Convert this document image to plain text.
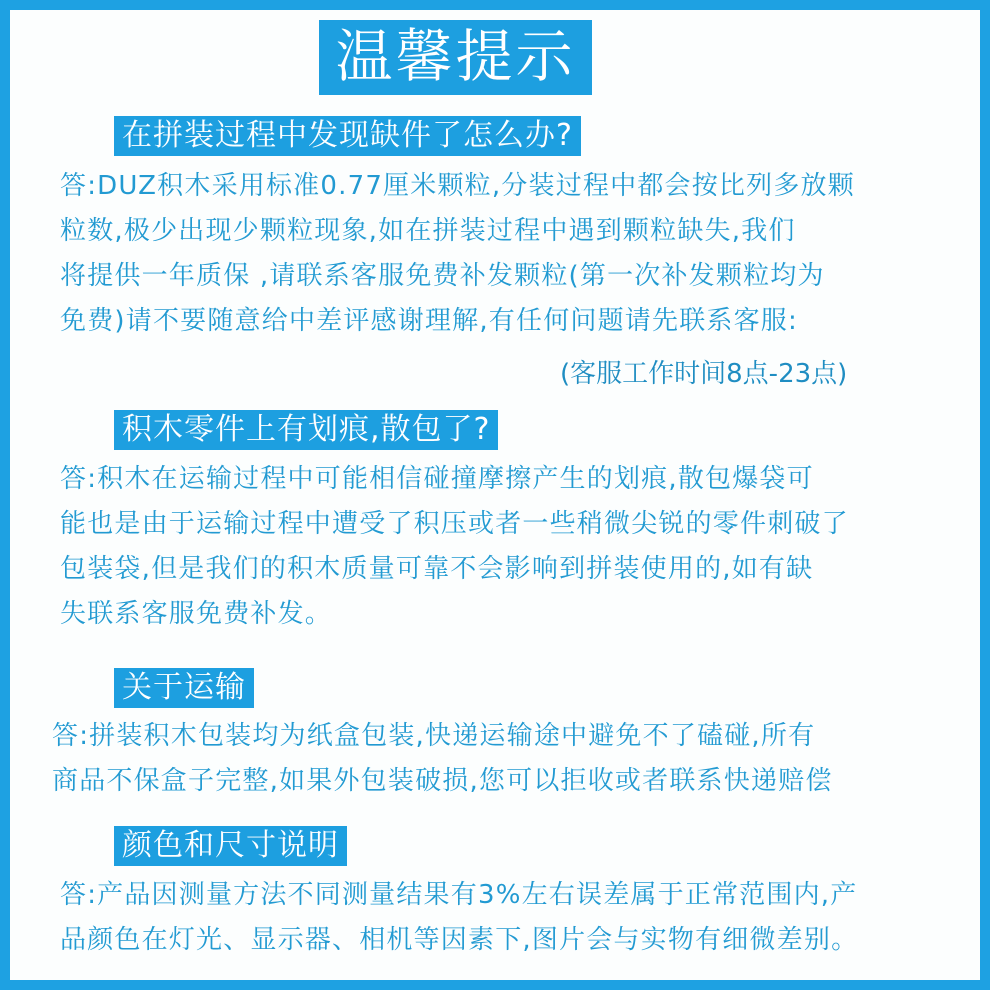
温馨提示
在拼装过程中发现缺件了怎么办?
答:DUZ积木采用标准0.77厘米颗粒,分装过程中都会按比列多放颗
粒数,极少出现少颗粒现象,如在拼装过程中遇到颗粒缺失,我们
将提供一年质保 ,请联系客服免费补发颗粒(第一次补发颗粒均为
免费)请不要随意给中差评感谢理解,有任何问题请先联系客服:
(客服工作时间8点-23点)
积木零件上有划痕,散包了?
答:积木在运输过程中可能相信碰撞摩擦产生的划痕,散包爆袋可
能也是由于运输过程中遭受了积压或者一些稍微尖锐的零件刺破了
包装袋,但是我们的积木质量可靠不会影响到拼装使用的,如有缺
失联系客服免费补发。
关于运输
答:拼装积木包装均为纸盒包装,快递运输途中避免不了磕碰,所有
商品不保盒子完整,如果外包装破损,您可以拒收或者联系快递赔偿
颜色和尺寸说明
答:产品因测量方法不同测量结果有3%左右误差属于正常范围内,产
品颜色在灯光、显示器、相机等因素下,图片会与实物有细微差别。
